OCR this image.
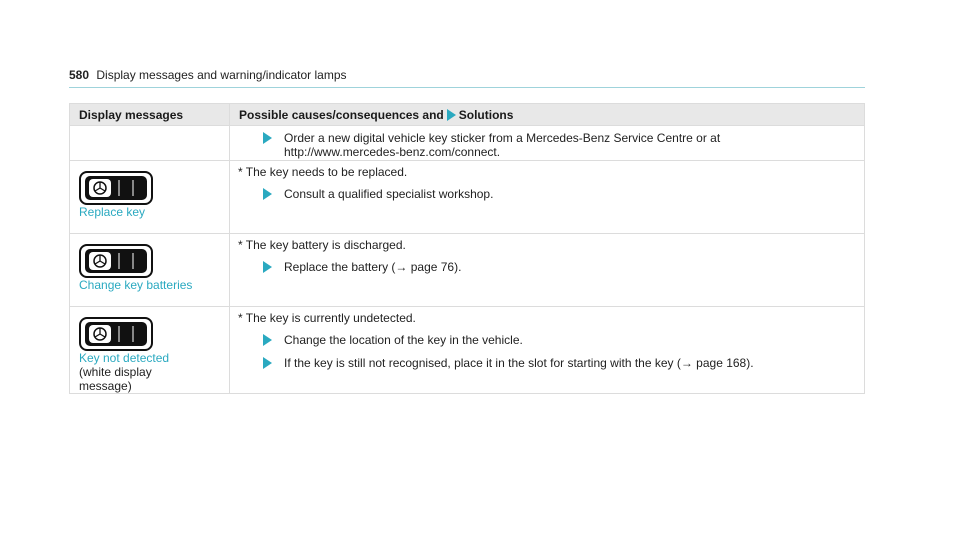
580 Display messages and warning/indicator lamps
Display messages	Possible causes/consequences and Solutions

	Order a new digital vehicle key sticker from a Mercedes-Benz Service Centre or at http://www.mercedes-benz.com/connect.

Replace key	* The key needs to be replaced.
Consult a qualified specialist workshop.

Change key batteries	* The key battery is discharged.
Replace the battery (→ page 76).

Key not detected (white display message)	* The key is currently undetected.
Change the location of the key in the vehicle.
If the key is still not recognised, place it in the slot for starting with the key (→ page 168).
